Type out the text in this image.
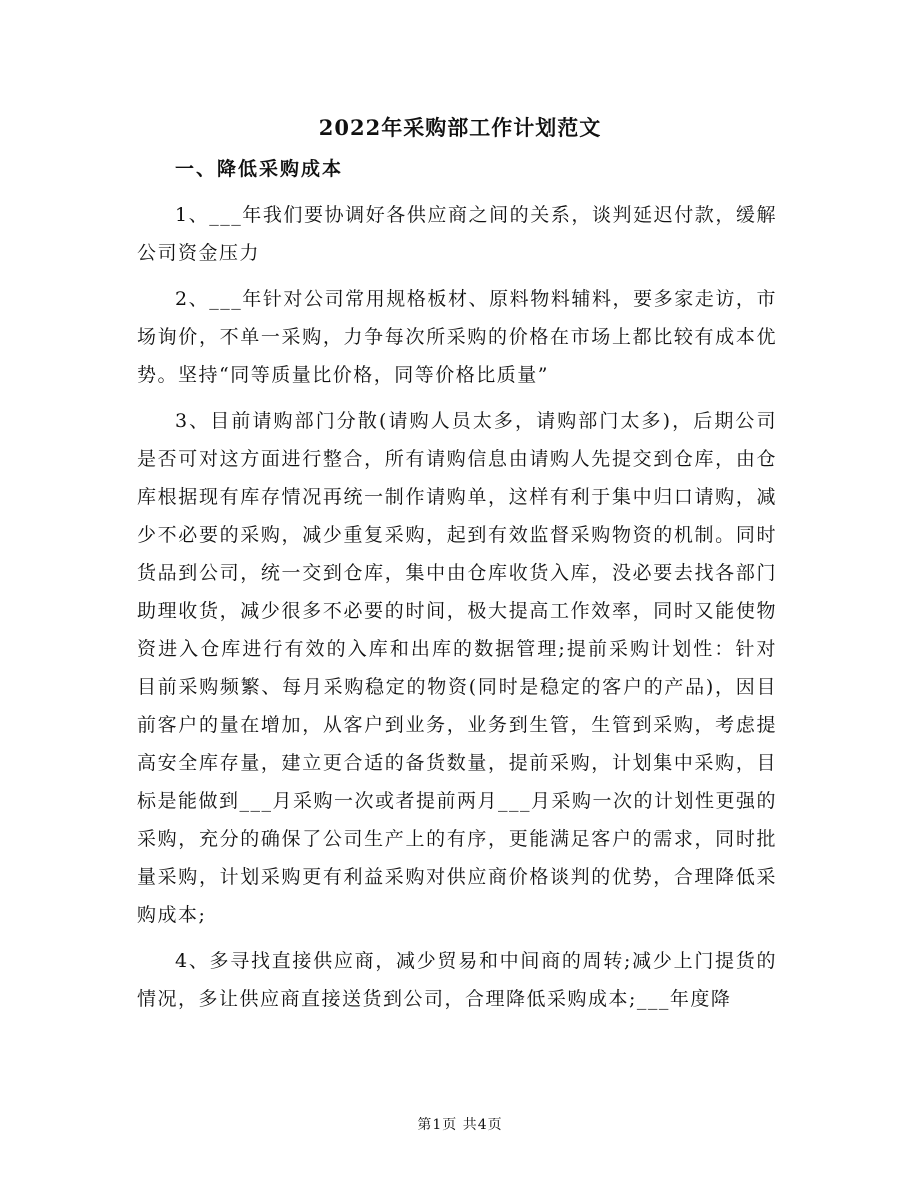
2022年采购部工作计划范文

一、降低采购成本

1、___年我们要协调好各供应商之间的关系，谈判延迟付款，缓解公司资金压力

2、___年针对公司常用规格板材、原料物料辅料，要多家走访，市场询价，不单一采购，力争每次所采购的价格在市场上都比较有成本优势。坚持“同等质量比价格，同等价格比质量”

3、目前请购部门分散(请购人员太多，请购部门太多)，后期公司是否可对这方面进行整合，所有请购信息由请购人先提交到仓库，由仓库根据现有库存情况再统一制作请购单，这样有利于集中归口请购，减少不必要的采购，减少重复采购，起到有效监督采购物资的机制。同时货品到公司，统一交到仓库，集中由仓库收货入库，没必要去找各部门助理收货，减少很多不必要的时间，极大提高工作效率，同时又能使物资进入仓库进行有效的入库和出库的数据管理;提前采购计划性：针对目前采购频繁、每月采购稳定的物资(同时是稳定的客户的产品)，因目前客户的量在增加，从客户到业务，业务到生管，生管到采购，考虑提高安全库存量，建立更合适的备货数量，提前采购，计划集中采购，目标是能做到___月采购一次或者提前两月___月采购一次的计划性更强的采购，充分的确保了公司生产上的有序，更能满足客户的需求，同时批量采购，计划采购更有利益采购对供应商价格谈判的优势，合理降低采购成本;

4、多寻找直接供应商，减少贸易和中间商的周转;减少上门提货的情况，多让供应商直接送货到公司，合理降低采购成本;___年度降

第1页 共4页
